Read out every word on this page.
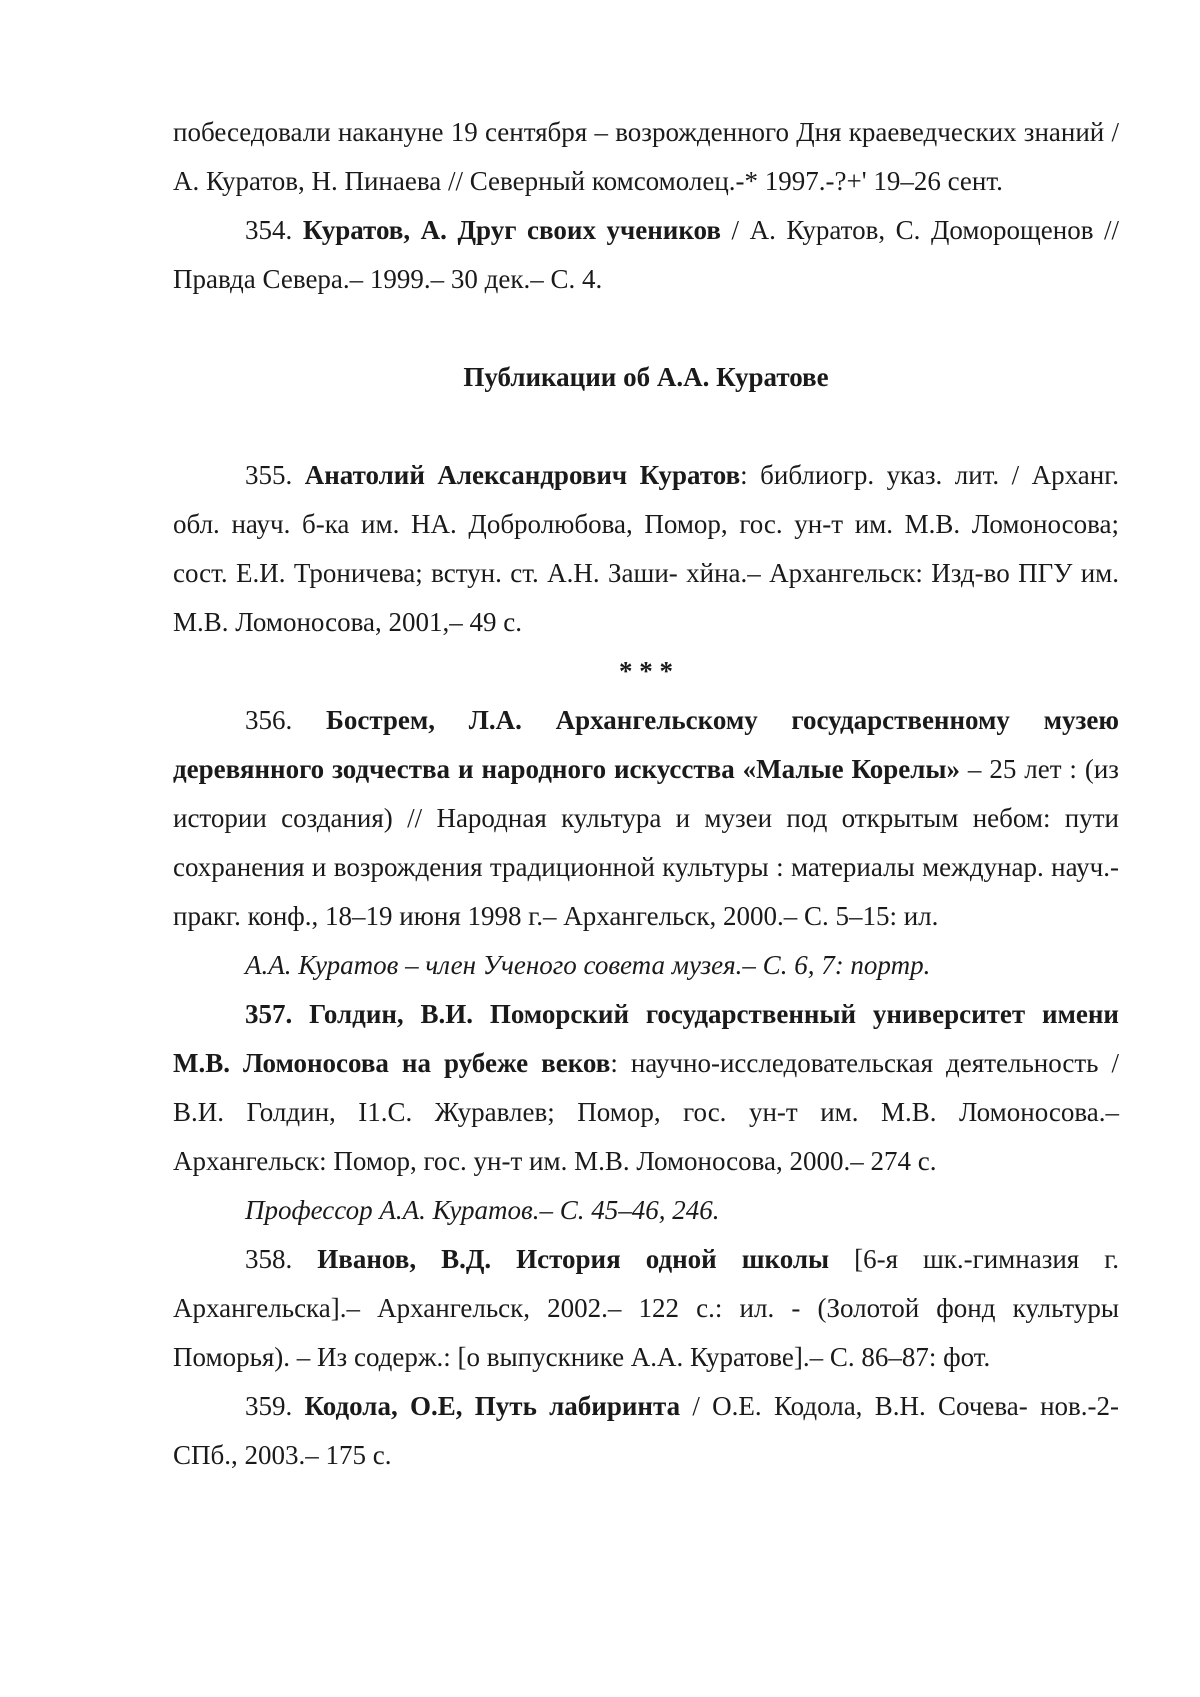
побеседовали накануне 19 сентября – возрожденного Дня краеведческих знаний / А. Куратов, Н. Пинаева // Северный комсомолец.-* 1997.-?+' 19–26 сент.

354. Куратов, А. Друг своих учеников / А. Куратов, С. Доморощенов // Правда Севера.– 1999.– 30 дек.– С. 4.

Публикации об А.А. Куратове

355. Анатолий Александрович Куратов: библиогр. указ. лит. / Арханг. обл. науч. б-ка им. НА. Добролюбова, Помор, гос. ун-т им. М.В. Ломоносова; сост. Е.И. Троничева; встун. ст. А.Н. Заши- хйна.– Архангельск: Изд-во ПГУ им. М.В. Ломоносова, 2001,– 49 с.

* * *

356. Бострем, Л.А. Архангельскому государственному музею деревянного зодчества и народного искусства «Малые Корелы» – 25 лет : (из истории создания) // Народная культура и музеи под открытым небом: пути сохранения и возрождения традиционной культуры : материалы междунар. науч.-пракг. конф., 18–19 июня 1998 г.– Архангельск, 2000.– С. 5–15: ил.

А.А. Куратов – член Ученого совета музея.– С. 6, 7: портр.

357. Голдин, В.И. Поморский государственный университет имени М.В. Ломоносова на рубеже веков: научно-исследовательская деятельность / В.И. Голдин, I1.С. Журавлев; Помор, гос. ун-т им. М.В. Ломоносова.– Архангельск: Помор, гос. ун-т им. М.В. Ломоносова, 2000.– 274 с.

Профессор А.А. Куратов.– С. 45–46, 246.

358. Иванов, В.Д. История одной школы [6-я шк.-гимназия г. Архангельска].– Архангельск, 2002.– 122 с.: ил. - (Золотой фонд культуры Поморья). – Из содерж.: [о выпускнике А.А. Куратове].– С. 86–87: фот.

359. Кодола, О.Е, Путь лабиринта / О.Е. Кодола, В.Н. Сочева- нов.-2- СПб., 2003.– 175 с.
